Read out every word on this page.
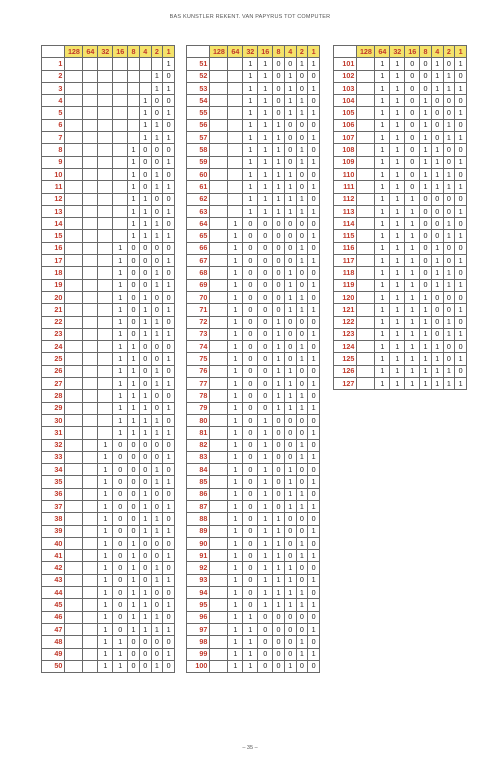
BAS KUNSTLER REKENT. VAN PAPYRUS TOT COMPUTER
	128	64	32	16	8	4	2	1
1								1
2							1	0
3							1	1
4						1	0	0
5						1	0	1
6						1	1	0
7						1	1	1
8					1	0	0	0
9					1	0	0	1
10					1	0	1	0
11					1	0	1	1
12					1	1	0	0
13					1	1	0	1
14					1	1	1	0
15					1	1	1	1
16				1	0	0	0	0
17				1	0	0	0	1
18				1	0	0	1	0
19				1	0	0	1	1
20				1	0	1	0	0
21				1	0	1	0	1
22				1	0	1	1	0
23				1	0	1	1	1
24				1	1	0	0	0
25				1	1	0	0	1
26				1	1	0	1	0
27				1	1	0	1	1
28				1	1	1	0	0
29				1	1	1	0	1
30				1	1	1	1	0
31				1	1	1	1	1
32			1	0	0	0	0	0
33			1	0	0	0	0	1
34			1	0	0	0	1	0
35			1	0	0	0	1	1
36			1	0	0	1	0	0
37			1	0	0	1	0	1
38			1	0	0	1	1	0
39			1	0	0	1	1	1
40			1	0	1	0	0	0
41			1	0	1	0	0	1
42			1	0	1	0	1	0
43			1	0	1	0	1	1
44			1	0	1	1	0	0
45			1	0	1	1	0	1
46			1	0	1	1	1	0
47			1	0	1	1	1	1
48			1	1	0	0	0	0
49			1	1	0	0	0	1
50			1	1	0	0	1	0
	128	64	32	16	8	4	2	1
51			1	1	0	0	1	1
52			1	1	0	1	0	0
53			1	1	0	1	0	1
54			1	1	0	1	1	0
55			1	1	0	1	1	1
56			1	1	1	0	0	0
57			1	1	1	0	0	1
58			1	1	1	0	1	0
59			1	1	1	0	1	1
60			1	1	1	1	0	0
61			1	1	1	1	0	1
62			1	1	1	1	1	0
63			1	1	1	1	1	1
64		1	0	0	0	0	0	0
65		1	0	0	0	0	0	1
66		1	0	0	0	0	1	0
67		1	0	0	0	0	1	1
68		1	0	0	0	1	0	0
69		1	0	0	0	1	0	1
70		1	0	0	0	1	1	0
71		1	0	0	0	1	1	1
72		1	0	0	1	0	0	0
73		1	0	0	1	0	0	1
74		1	0	0	1	0	1	0
75		1	0	0	1	0	1	1
76		1	0	0	1	1	0	0
77		1	0	0	1	1	0	1
78		1	0	0	1	1	1	0
79		1	0	0	1	1	1	1
80		1	0	1	0	0	0	0
81		1	0	1	0	0	0	1
82		1	0	1	0	0	1	0
83		1	0	1	0	0	1	1
84		1	0	1	0	1	0	0
85		1	0	1	0	1	0	1
86		1	0	1	0	1	1	0
87		1	0	1	0	1	1	1
88		1	0	1	1	0	0	0
89		1	0	1	1	0	0	1
90		1	0	1	1	0	1	0
91		1	0	1	1	0	1	1
92		1	0	1	1	1	0	0
93		1	0	1	1	1	0	1
94		1	0	1	1	1	1	0
95		1	0	1	1	1	1	1
96		1	1	0	0	0	0	0
97		1	1	0	0	0	0	1
98		1	1	0	0	0	1	0
99		1	1	0	0	0	1	1
100		1	1	0	0	1	0	0
	128	64	32	16	8	4	2	1
101		1	1	0	0	1	0	1
102		1	1	0	0	1	1	0
103		1	1	0	0	1	1	1
104		1	1	0	1	0	0	0
105		1	1	0	1	0	0	1
106		1	1	0	1	0	1	0
107		1	1	0	1	0	1	1
108		1	1	0	1	1	0	0
109		1	1	0	1	1	0	1
110		1	1	0	1	1	1	0
111		1	1	0	1	1	1	1
112		1	1	1	0	0	0	0
113		1	1	1	0	0	0	1
114		1	1	1	0	0	1	0
115		1	1	1	0	0	1	1
116		1	1	1	0	1	0	0
117		1	1	1	0	1	0	1
118		1	1	1	0	1	1	0
119		1	1	1	0	1	1	1
120		1	1	1	1	0	0	0
121		1	1	1	1	0	0	1
122		1	1	1	1	0	1	0
123		1	1	1	1	0	1	1
124		1	1	1	1	1	0	0
125		1	1	1	1	1	0	1
126		1	1	1	1	1	1	0
127		1	1	1	1	1	1	1
– 35 –
